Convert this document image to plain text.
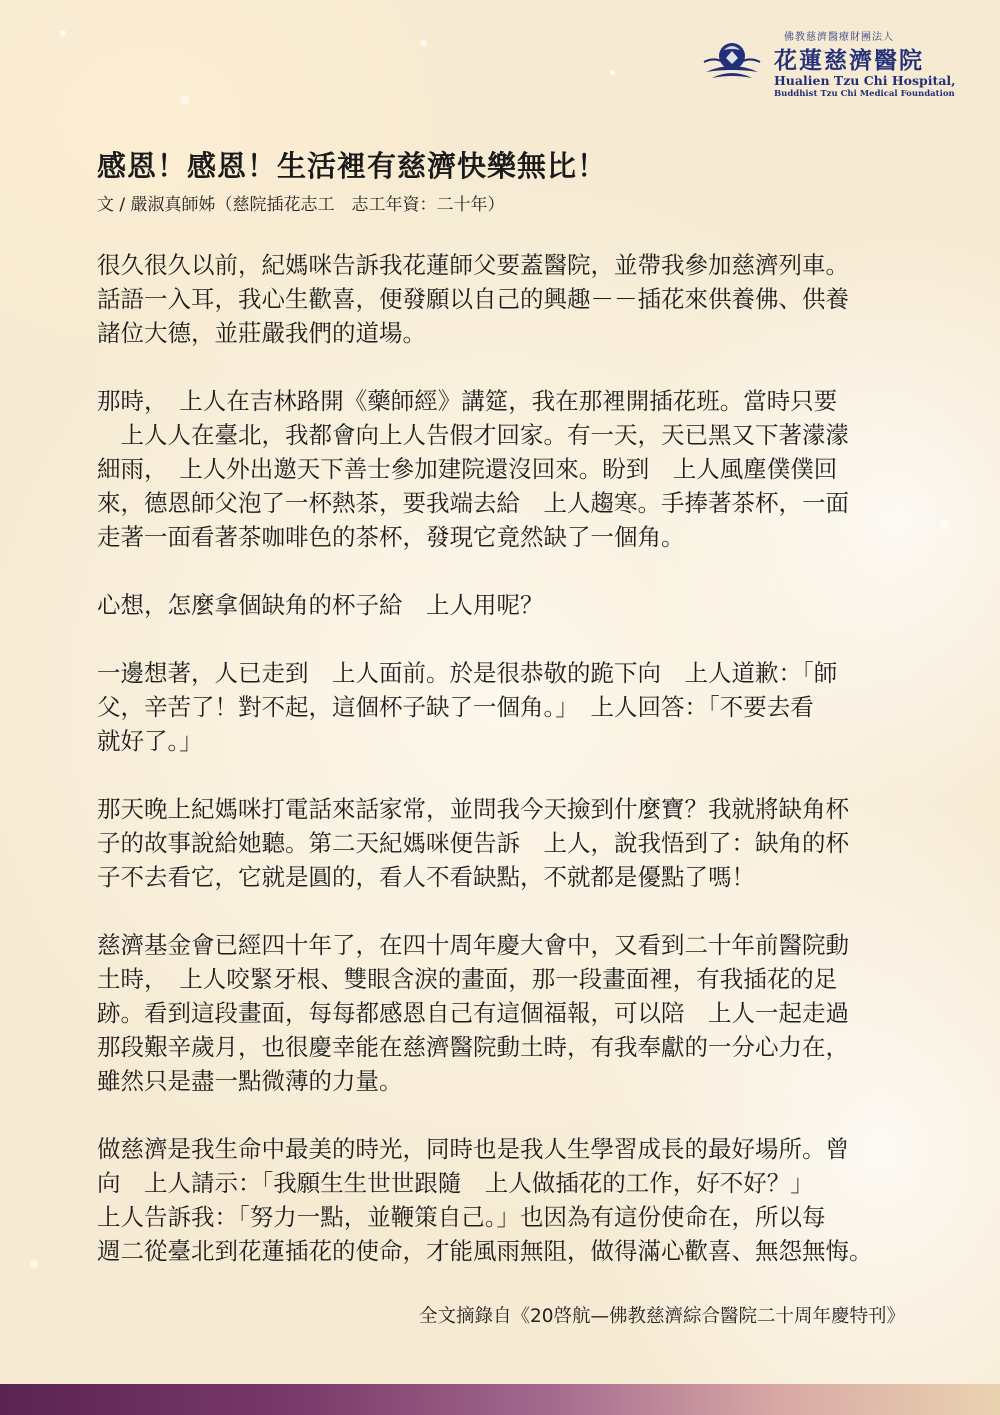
佛教慈濟醫療財團法人
花蓮慈濟醫院
Hualien Tzu Chi Hospital,
Buddhist Tzu Chi Medical Foundation
感恩！感恩！生活裡有慈濟快樂無比！
文 / 嚴淑真師姊（慈院插花志工　志工年資：二十年）
很久很久以前，紀媽咪告訴我花蓮師父要蓋醫院，並帶我參加慈濟列車。
話語一入耳，我心生歡喜，便發願以自己的興趣－－插花來供養佛、供養
諸位大德，並莊嚴我們的道場。
那時，　上人在吉林路開《藥師經》講筵，我在那裡開插花班。當時只要
　上人人在臺北，我都會向上人告假才回家。有一天，天已黑又下著濛濛
細雨，　上人外出邀天下善士參加建院還沒回來。盼到　上人風塵僕僕回
來，德恩師父泡了一杯熱茶，要我端去給　上人趨寒。手捧著茶杯，一面
走著一面看著茶咖啡色的茶杯，發現它竟然缺了一個角。
心想，怎麼拿個缺角的杯子給　上人用呢？
一邊想著，人已走到　上人面前。於是很恭敬的跪下向　上人道歉：「師
父，辛苦了！對不起，這個杯子缺了一個角。」　上人回答：「不要去看
就好了。」
那天晚上紀媽咪打電話來話家常，並問我今天撿到什麼寶？我就將缺角杯
子的故事說給她聽。第二天紀媽咪便告訴　上人，說我悟到了：缺角的杯
子不去看它，它就是圓的，看人不看缺點，不就都是優點了嗎！
慈濟基金會已經四十年了，在四十周年慶大會中，又看到二十年前醫院動
土時，　上人咬緊牙根、雙眼含淚的畫面，那一段畫面裡，有我插花的足
跡。看到這段畫面，每每都感恩自己有這個福報，可以陪　上人一起走過
那段艱辛歲月，也很慶幸能在慈濟醫院動土時，有我奉獻的一分心力在，
雖然只是盡一點微薄的力量。
做慈濟是我生命中最美的時光，同時也是我人生學習成長的最好場所。曾
向　上人請示：「我願生生世世跟隨　上人做插花的工作，好不好？」
上人告訴我：「努力一點，並鞭策自己。」也因為有這份使命在，所以每
週二從臺北到花蓮插花的使命，才能風雨無阻，做得滿心歡喜、無怨無悔。
全文摘錄自《20啓航—佛教慈濟綜合醫院二十周年慶特刊》
